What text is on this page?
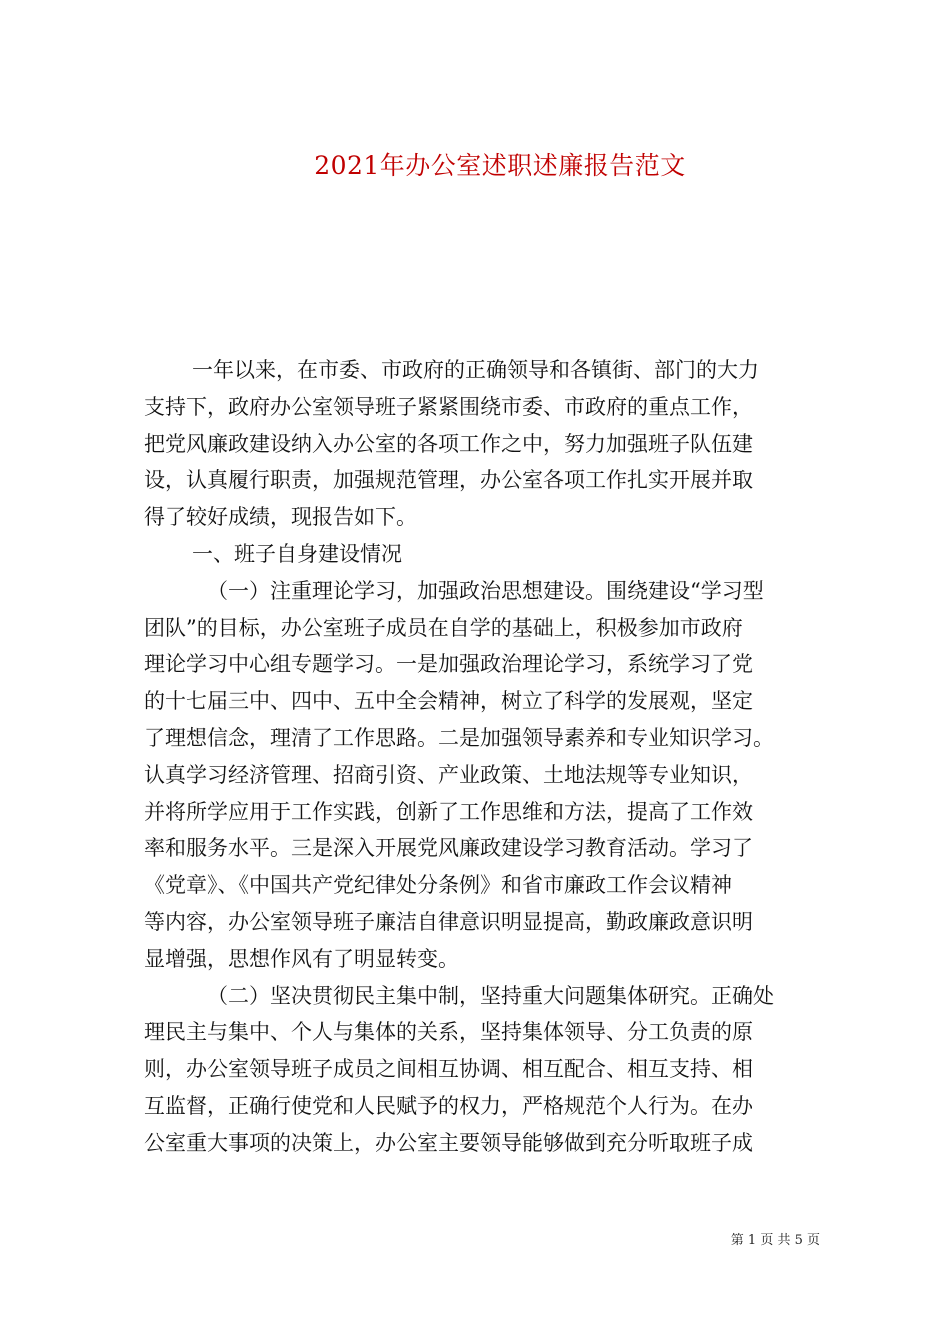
2021年办公室述职述廉报告范文
一年以来，在市委、市政府的正确领导和各镇街、部门的大力
支持下，政府办公室领导班子紧紧围绕市委、市政府的重点工作，
把党风廉政建设纳入办公室的各项工作之中，努力加强班子队伍建
设，认真履行职责，加强规范管理，办公室各项工作扎实开展并取
得了较好成绩，现报告如下。
一、班子自身建设情况
（一）注重理论学习，加强政治思想建设。围绕建设“学习型
团队”的目标，办公室班子成员在自学的基础上，积极参加市政府
理论学习中心组专题学习。一是加强政治理论学习，系统学习了党
的十七届三中、四中、五中全会精神，树立了科学的发展观，坚定
了理想信念，理清了工作思路。二是加强领导素养和专业知识学习。
认真学习经济管理、招商引资、产业政策、土地法规等专业知识，
并将所学应用于工作实践，创新了工作思维和方法，提高了工作效
率和服务水平。三是深入开展党风廉政建设学习教育活动。学习了
《党章》、《中国共产党纪律处分条例》和省市廉政工作会议精神
等内容，办公室领导班子廉洁自律意识明显提高，勤政廉政意识明
显增强，思想作风有了明显转变。
（二）坚决贯彻民主集中制，坚持重大问题集体研究。正确处
理民主与集中、个人与集体的关系，坚持集体领导、分工负责的原
则，办公室领导班子成员之间相互协调、相互配合、相互支持、相
互监督，正确行使党和人民赋予的权力，严格规范个人行为。在办
公室重大事项的决策上，办公室主要领导能够做到充分听取班子成
第 1 页 共 5 页
